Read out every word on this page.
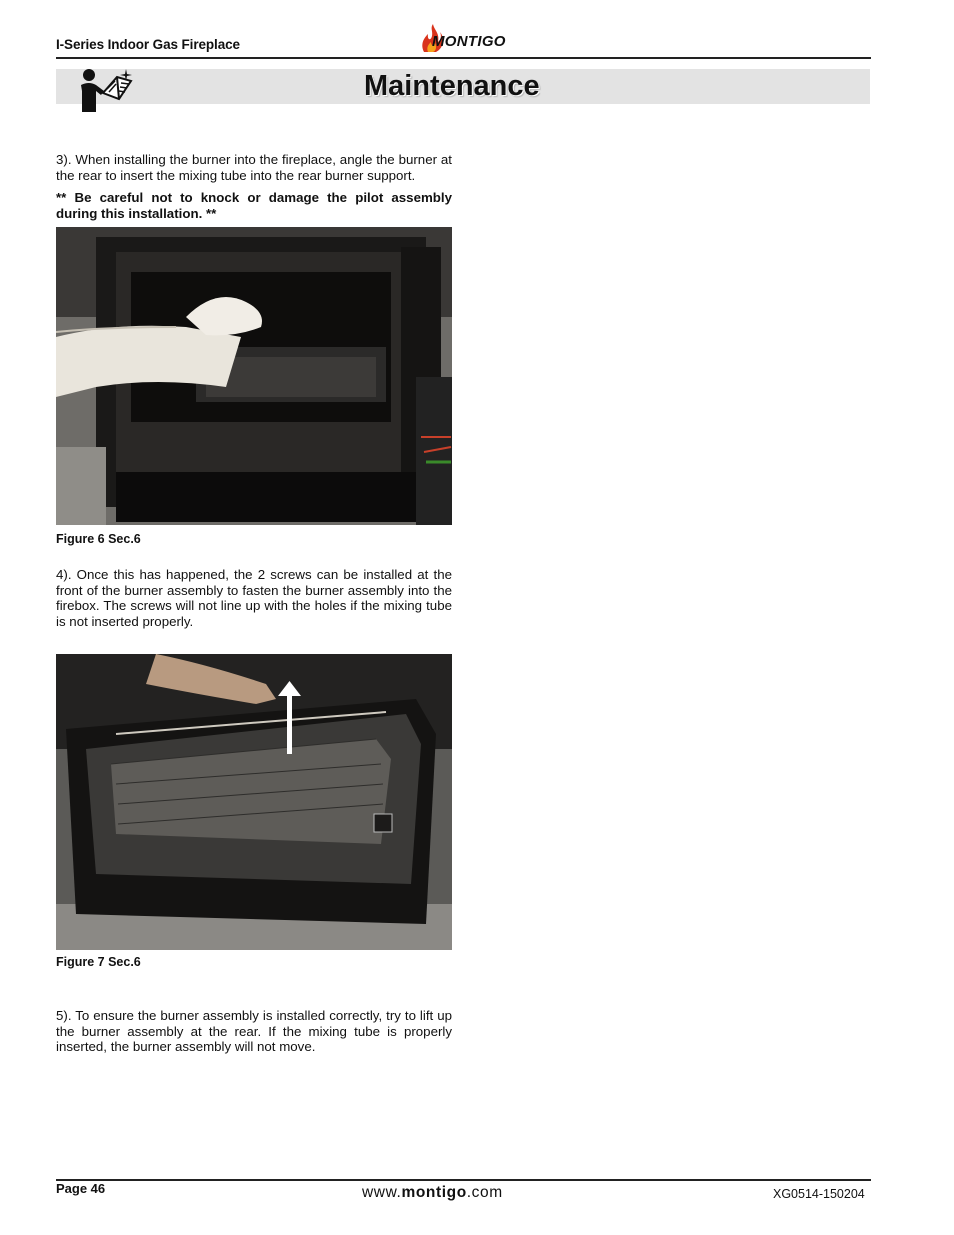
I-Series Indoor Gas Fireplace	MONTIGO
Maintenance
3). When installing the burner into the fireplace, angle the burner at the rear to insert the mixing tube into the rear burner support.
** Be careful not to knock or damage the pilot assembly during this installation. **
Figure 6 Sec.6
4). Once this has happened, the 2 screws can be installed at the front of the burner assembly to fasten the burner assembly into the firebox. The screws will not line up with the holes if the mixing tube is not inserted properly.
Figure 7 Sec.6
5). To ensure the burner assembly is installed correctly, try to lift up the burner assembly at the rear. If the mixing tube is properly inserted, the burner assembly will not move.
Page 46	www.montigo.com	XG0514-150204
